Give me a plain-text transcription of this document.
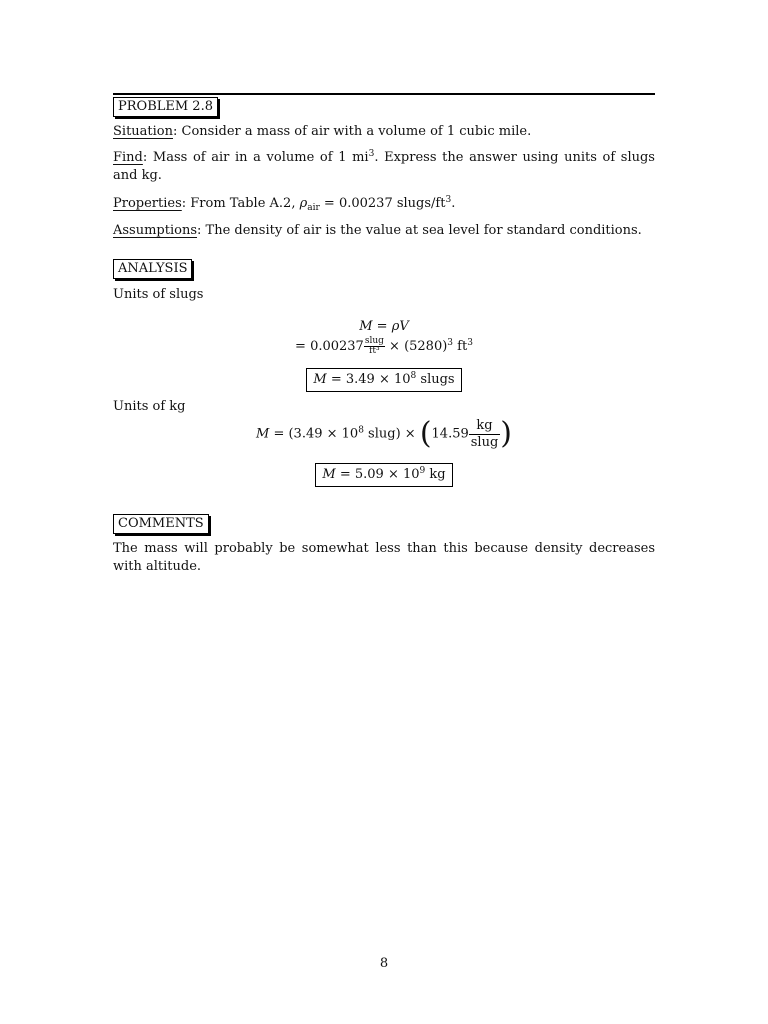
PROBLEM 2.8
Situation: Consider a mass of air with a volume of 1 cubic mile.
Find: Mass of air in a volume of 1 $mi^3$. Express the answer using units of slugs and kg.
Properties: From Table A.2, $\rho_{air} = 0.00237$ slugs/$ft^3$.
Assumptions: The density of air is the value at sea level for standard conditions.
ANALYSIS
Units of slugs
M = ρV
= $0.00237 \frac{\text{slug}}{\text{ft³}} \times (5280)^3$ $ft^3$
$M = 3.49 \times 10^8$ slugs
Units of kg
$M = (3.49 \times 10^8$ slug) × ($14.59 \frac{kg}{\text{slug}}$ )
$M = 5.09 \times 10^9$ kg
COMMENTS
The mass will probably be somewhat less than this because density decreases with altitude.
8
